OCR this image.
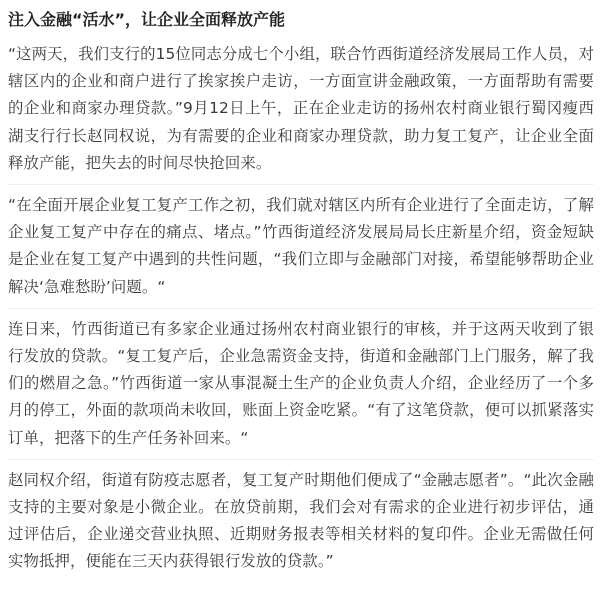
注入金融“活水”，让企业全面释放产能

“这两天，我们支行的15位同志分成七个小组，联合竹西街道经济发展局工作人员，对辖区内的企业和商户进行了挨家挨户走访，一方面宣讲金融政策，一方面帮助有需要的企业和商家办理贷款。”9月12日上午，正在企业走访的扬州农村商业银行蜀冈瘦西湖支行行长赵同权说，为有需要的企业和商家办理贷款，助力复工复产，让企业全面释放产能，把失去的时间尽快抢回来。

“在全面开展企业复工复产工作之初，我们就对辖区内所有企业进行了全面走访，了解企业复工复产中存在的痛点、堵点。”竹西街道经济发展局局长庄新星介绍，资金短缺是企业在复工复产中遇到的共性问题，“我们立即与金融部门对接，希望能够帮助企业解决‘急难愁盼’问题。“

连日来，竹西街道已有多家企业通过扬州农村商业银行的审核，并于这两天收到了银行发放的贷款。“复工复产后，企业急需资金支持，街道和金融部门上门服务，解了我们的燃眉之急。”竹西街道一家从事混凝土生产的企业负责人介绍，企业经历了一个多月的停工，外面的款项尚未收回，账面上资金吃紧。“有了这笔贷款，便可以抓紧落实订单，把落下的生产任务补回来。“

赵同权介绍，街道有防疫志愿者，复工复产时期他们便成了“金融志愿者”。“此次金融支持的主要对象是小微企业。在放贷前期，我们会对有需求的企业进行初步评估，通过评估后，企业递交营业执照、近期财务报表等相关材料的复印件。企业无需做任何实物抵押，便能在三天内获得银行发放的贷款。”
